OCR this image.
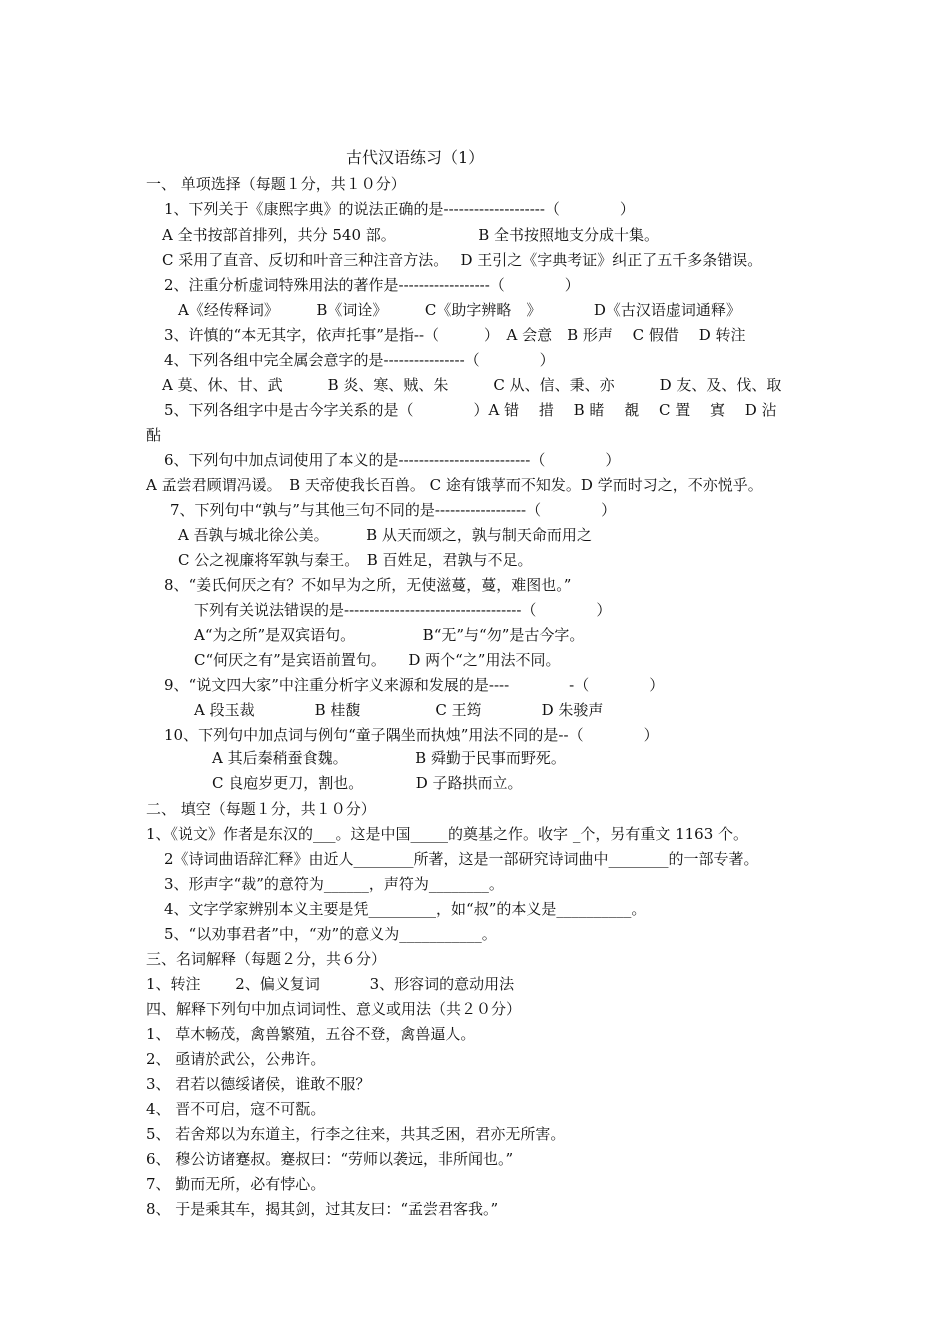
古代汉语练习（1）
一、 单项选择（每题１分，共１０分）
1、下列关于《康熙字典》的说法正确的是--------------------（　　　　）
A 全书按部首排列，共分 540 部。　　　　　　B 全书按照地支分成十集。
C 采用了直音、反切和叶音三种注音方法。　 D 王引之《字典考证》纠正了五千多条错误。
2、注重分析虚词特殊用法的著作是------------------（　　　　）
A《经传释词》　　　B《词诠》　　　C《助字辨略　》　　　　D《古汉语虚词通释》
3、许慎的“本无其字，依声托事”是指--（　　　）　A 会意　B 形声　 C 假借　 D 转注
4、下列各组中完全属会意字的是----------------（　　　　）
A 莫、休、甘、武　　　B 炎、寒、贼、朱　　　C 从、信、秉、亦　　　D 友、及、伐、取
5、下列各组字中是古今字关系的是（　　　　）A 错　 措　 B 睹　 覩　 C 置　 寘　 D 沾
酟
6、下列句中加点词使用了本义的是--------------------------（　　　　）
A 孟尝君顾谓冯谖。　B 天帝使我长百兽。 C 途有饿莩而不知发。D 学而时习之，不亦悦乎。
7、下列句中“孰与”与其他三句不同的是------------------（　　　　）
A 吾孰与城北徐公美。　　　B 从天而颂之，孰与制天命而用之
C 公之视廉将军孰与秦王。　B 百姓足，君孰与不足。
8、“姜氏何厌之有？不如早为之所，无使滋蔓，蔓，难图也。”
下列有关说法错误的是-----------------------------------（　　　　）
A“为之所”是双宾语句。　　　　　B“无”与“勿”是古今字。
C“何厌之有”是宾语前置句。　　D 两个“之”用法不同。
9、“说文四大家”中注重分析字义来源和发展的是----　　　　-（　　　　）
A 段玉裁　　　　B 桂馥　　　　　C 王筠　　　　D 朱骏声
10、下列句中加点词与例句“童子隅坐而执烛”用法不同的是--（　　　　）
A 其后秦稍蚕食魏。　　　　　B 舜勤于民事而野死。
C 良庖岁更刀，割也。　　　　D 子路拱而立。
二、 填空（每题１分，共１０分）
1、《说文》作者是东汉的___。这是中国_____的奠基之作。收字 _个，另有重文 1163 个。
2《诗词曲语辞汇释》由近人________所著，这是一部研究诗词曲中________的一部专著。
3、形声字“裁”的意符为______，声符为________。
4、文字学家辨别本义主要是凭_________，如“叔”的本义是__________。
5、“以劝事君者”中，“劝”的意义为___________。
三、名词解释（每题２分，共６分）
1、转注　　 2、偏义复词　　　 3、形容词的意动用法
四、解释下列句中加点词词性、意义或用法（共２０分）
1、 草木畅茂，禽兽繁殖，五谷不登，禽兽逼人。
2、 亟请於武公，公弗许。
3、 君若以德绥诸侯，谁敢不服？
4、 晋不可启，寇不可翫。
5、 若舍郑以为东道主，行李之往来，共其乏困，君亦无所害。
6、 穆公访诸蹇叔。蹇叔曰：“劳师以袭远，非所闻也。”
7、 勤而无所，必有悖心。
8、 于是乘其车，揭其剑，过其友曰：“孟尝君客我。”
